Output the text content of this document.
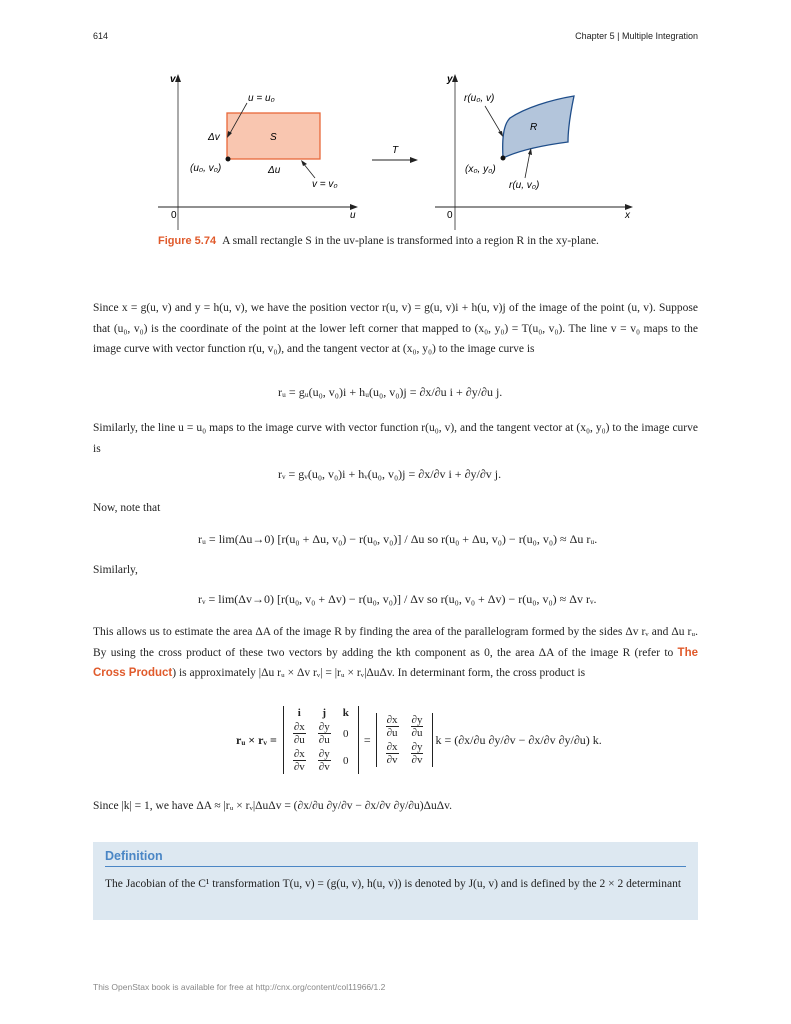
614	Chapter 5 | Multiple Integration
v
u
0
S
u = u₀
Δv
(u₀, v₀)	Δu
v = v₀
T
y
x
0
R
r(u₀, v)
(x₀, y₀)
r(u, v₀)
Figure 5.74 A small rectangle S in the uv-plane is transformed into a region R in the xy-plane.
Since x = g(u, v) and y = h(u, v), we have the position vector r(u, v) = g(u, v)i + h(u, v)j of the image of the point (u, v). Suppose that (u₀, v₀) is the coordinate of the point at the lower left corner that mapped to (x₀, y₀) = T(u₀, v₀). The line v = v₀ maps to the image curve with vector function r(u, v₀), and the tangent vector at (x₀, y₀) to the image curve is
rᵤ = gᵤ(u₀, v₀)i + hᵤ(u₀, v₀)j = ∂x/∂u i + ∂y/∂u j.
Similarly, the line u = u₀ maps to the image curve with vector function r(u₀, v), and the tangent vector at (x₀, y₀) to the image curve is
rᵥ = gᵥ(u₀, v₀)i + hᵥ(u₀, v₀)j = ∂x/∂v i + ∂y/∂v j.
Now, note that
rᵤ = lim(Δu→0) [r(u₀ + Δu, v₀) − r(u₀, v₀)] / Δu so r(u₀ + Δu, v₀) − r(u₀, v₀) ≈ Δu rᵤ.
Similarly,
rᵥ = lim(Δv→0) [r(u₀, v₀ + Δv) − r(u₀, v₀)] / Δv so r(u₀, v₀ + Δv) − r(u₀, v₀) ≈ Δv rᵥ.
This allows us to estimate the area ΔA of the image R by finding the area of the parallelogram formed by the sides Δv rᵥ and Δu rᵤ. By using the cross product of these two vectors by adding the kth component as 0, the area ΔA of the image R (refer to The Cross Product) is approximately |Δu rᵤ × Δv rᵥ| = |rᵤ × rᵥ|ΔuΔv. In determinant form, the cross product is
rᵤ × rᵥ =
i	j	k

$\frac{\partial x}{\partial u}$	$\frac{\partial y}{\partial u}$	0

$\frac{\partial x}{\partial v}$	$\frac{\partial y}{\partial v}$	0
=
$\frac{\partial x}{\partial u}$	$\frac{\partial y}{\partial u}$

$\frac{\partial x}{\partial v}$	$\frac{\partial y}{\partial v}$
k = (∂x/∂u ∂y/∂v − ∂x/∂v ∂y/∂u) k.
Since |k| = 1, we have ΔA ≈ |rᵤ × rᵥ|ΔuΔv = (∂x/∂u ∂y/∂v − ∂x/∂v ∂y/∂u)ΔuΔv.
Definition
The Jacobian of the C¹ transformation T(u, v) = (g(u, v), h(u, v)) is denoted by J(u, v) and is defined by the 2 × 2 determinant
This OpenStax book is available for free at http://cnx.org/content/col11966/1.2
